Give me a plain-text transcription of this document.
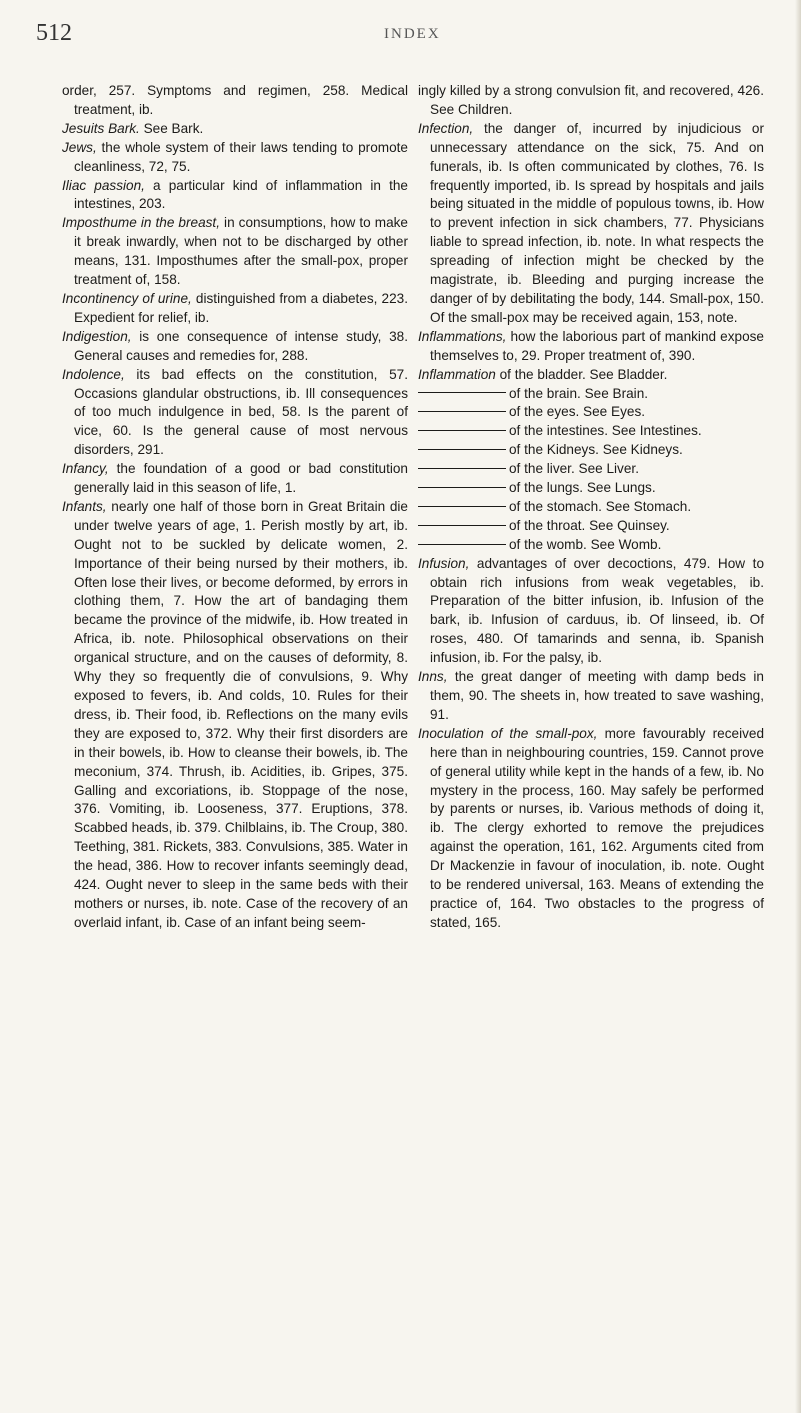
512	INDEX

order, 257. Symptoms and regimen, 258. Medical treatment, ib.

Jesuits Bark. See Bark.

Jews, the whole system of their laws tending to promote cleanliness, 72, 75.

Iliac passion, a particular kind of inflammation in the intestines, 203.

Imposthume in the breast, in consumptions, how to make it break inwardly, when not to be discharged by other means, 131. Imposthumes after the small-pox, proper treatment of, 158.

Incontinency of urine, distinguished from a diabetes, 223. Expedient for relief, ib.

Indigestion, is one consequence of intense study, 38. General causes and remedies for, 288.

Indolence, its bad effects on the constitution, 57. Occasions glandular obstructions, ib. Ill consequences of too much indulgence in bed, 58. Is the parent of vice, 60. Is the general cause of most nervous disorders, 291.

Infancy, the foundation of a good or bad constitution generally laid in this season of life, 1.

Infants, nearly one half of those born in Great Britain die under twelve years of age, 1. Perish mostly by art, ib. Ought not to be suckled by delicate women, 2. Importance of their being nursed by their mothers, ib. Often lose their lives, or become deformed, by errors in clothing them, 7. How the art of bandaging them became the province of the midwife, ib. How treated in Africa, ib. note. Philosophical observations on their organical structure, and on the causes of deformity, 8. Why they so frequently die of convulsions, 9. Why exposed to fevers, ib. And colds, 10. Rules for their dress, ib. Their food, ib. Reflections on the many evils they are exposed to, 372. Why their first disorders are in their bowels, ib. How to cleanse their bowels, ib. The meconium, 374. Thrush, ib. Acidities, ib. Gripes, 375. Galling and excoriations, ib. Stoppage of the nose, 376. Vomiting, ib. Looseness, 377. Eruptions, 378. Scabbed heads, ib. 379. Chilblains, ib. The Croup, 380. Teething, 381. Rickets, 383. Convulsions, 385. Water in the head, 386. How to recover infants seemingly dead, 424. Ought never to sleep in the same beds with their mothers or nurses, ib. note. Case of the recovery of an overlaid infant, ib. Case of an infant being seem-

ingly killed by a strong convulsion fit, and recovered, 426. See Children.

Infection, the danger of, incurred by injudicious or unnecessary attendance on the sick, 75. And on funerals, ib. Is often communicated by clothes, 76. Is frequently imported, ib. Is spread by hospitals and jails being situated in the middle of populous towns, ib. How to prevent infection in sick chambers, 77. Physicians liable to spread infection, ib. note. In what respects the spreading of infection might be checked by the magistrate, ib. Bleeding and purging increase the danger of by debilitating the body, 144. Small-pox, 150. Of the small-pox may be received again, 153, note.

Inflammations, how the laborious part of mankind expose themselves to, 29. Proper treatment of, 390.

Inflammation of the bladder. See Bladder.

of the brain. See Brain.

of the eyes. See Eyes.

of the intestines. See Intestines.

of the Kidneys. See Kidneys.

of the liver. See Liver.

of the lungs. See Lungs.

of the stomach. See Stomach.

of the throat. See Quinsey.

of the womb. See Womb.

Infusion, advantages of over decoctions, 479. How to obtain rich infusions from weak vegetables, ib. Preparation of the bitter infusion, ib. Infusion of the bark, ib. Infusion of carduus, ib. Of linseed, ib. Of roses, 480. Of tamarinds and senna, ib. Spanish infusion, ib. For the palsy, ib.

Inns, the great danger of meeting with damp beds in them, 90. The sheets in, how treated to save washing, 91.

Inoculation of the small-pox, more favourably received here than in neighbouring countries, 159. Cannot prove of general utility while kept in the hands of a few, ib. No mystery in the process, 160. May safely be performed by parents or nurses, ib. Various methods of doing it, ib. The clergy exhorted to remove the prejudices against the operation, 161, 162. Arguments cited from Dr Mackenzie in favour of inoculation, ib. note. Ought to be rendered universal, 163. Means of extending the practice of, 164. Two obstacles to the progress of stated, 165.
